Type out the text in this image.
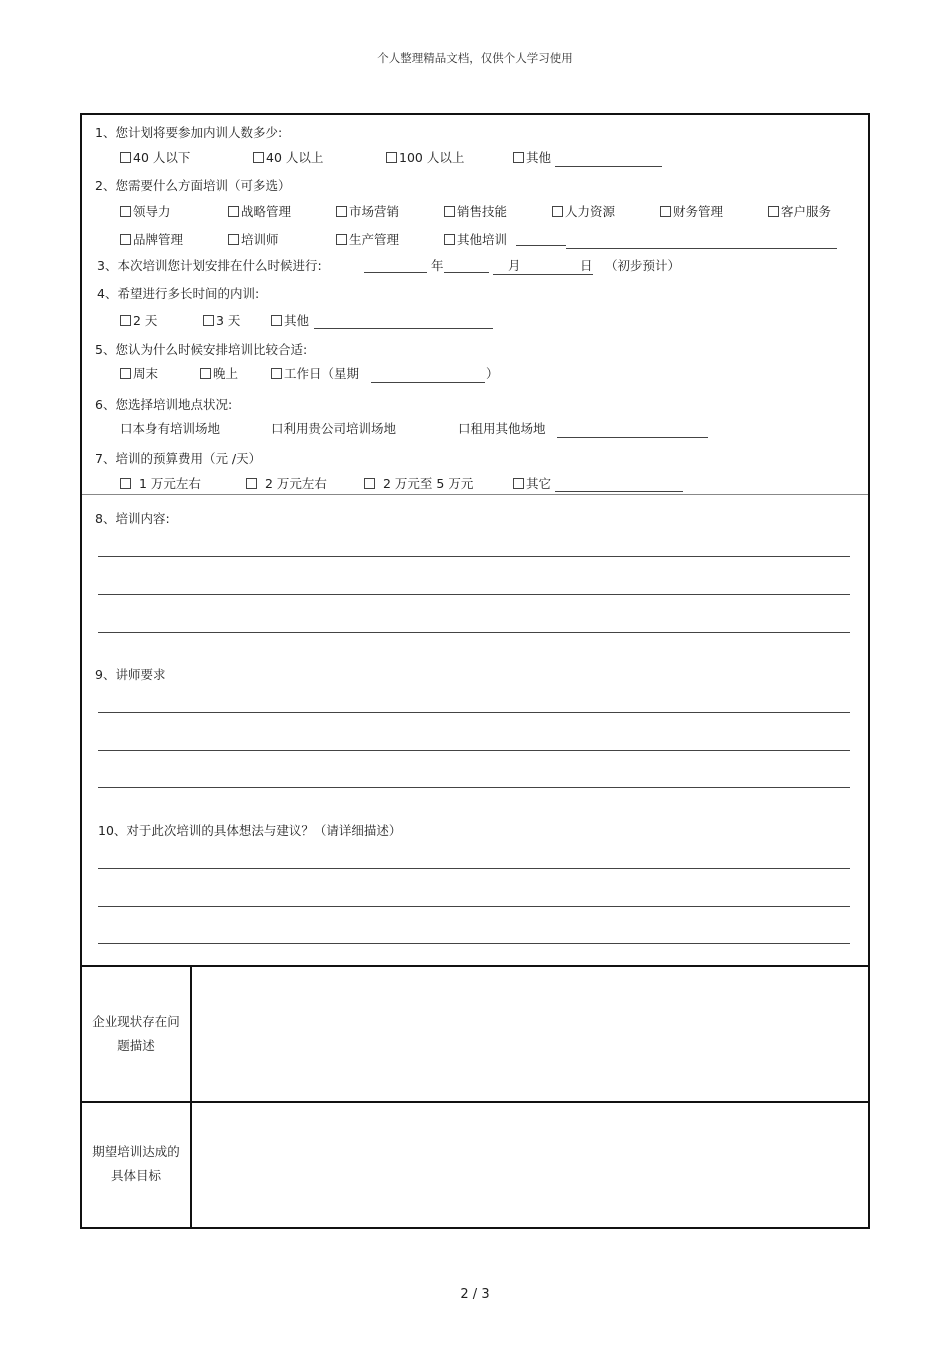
个人整理精品文档，仅供个人学习使用
1、您计划将要参加内训人数多少:
40 人以下	40 人以上	100 人以上	其他
2、您需要什么方面培训（可多选）
领导力	战略管理	市场营销	销售技能	人力资源	财务管理	客户服务
品牌管理	培训师	生产管理	其他培训
3、本次培训您计划安排在什么时候进行:	年	月	日 （初步预计）
4、希望进行多长时间的内训:
2 天	3 天	其他
5、您认为什么时候安排培训比较合适:
周末	晚上	工作日（星期	）
6、您选择培训地点状况:
口本身有培训场地	口利用贵公司培训场地	口租用其他场地
7、培训的预算费用（元 /天）
1 万元左右	2 万元左右	2 万元至 5 万元	其它
8、培训内容:
9、讲师要求
10、对于此次培训的具体想法与建议？（请详细描述）
企业现状存在问
题描述
期望培训达成的
具体目标
2 / 3
